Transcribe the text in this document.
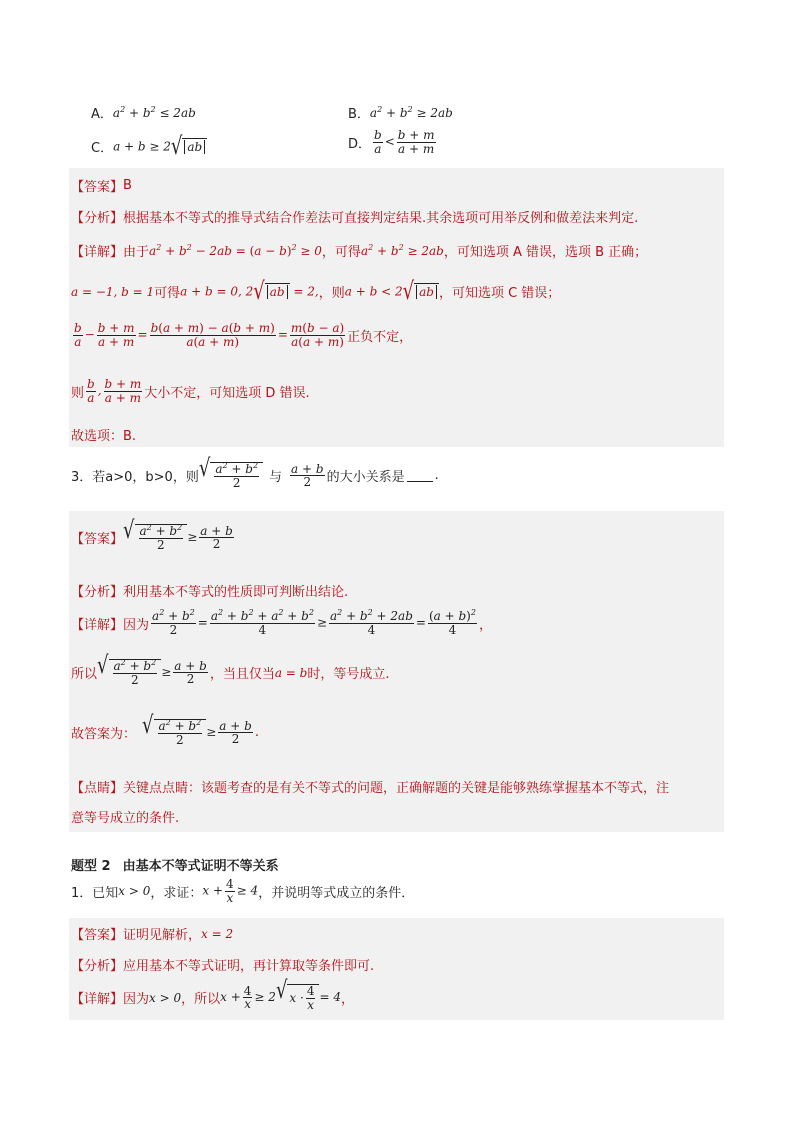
A． $a^2 + b^2 \le 2ab$	B． $a^2 + b^2 \ge 2ab$
C． a + b ≥ 2 √ ab	D． $\frac{b}{a} < \frac{b + m}{a + m}$
【答案】 B
【分析】 根据基本不等式的推导式结合作差法可直接判定结果.其余选项可用举反例和做差法来判定.
【详解】 由于 $a^2 + b^2 - 2ab = (a - b)^2 \ge 0$ ，可得 $a^2 + b^2 \ge 2ab$ ，可知选项 A 错误，选项 B 正确；
a = −1, b = 1 可得 a + b = 0, 2 √ ab = 2, ，则 a + b < 2 √ ab ，可知选项 C 错误；
$\frac{b}{a} - \frac{b + m}{a + m} = \frac{b(a + m) - a(b + m)}{a(a + m)} = \frac{m(b - a)}{a(a + m)}$ 正负不定，
则 $\frac{b}{a}$ , $\frac{b + m}{a + m}$ 大小不定，可知选项 D 错误.
故选项：B.
3．若 a>0，b>0，则 √ $\frac{a^2 + b^2}{2}$ 与 $\frac{a + b}{2}$ 的大小关系是 .
【答案】 √ $\frac{a^2 + b^2}{2} \ge \frac{a + b}{2}$
【分析】 利用基本不等式的性质即可判断出结论.
【详解】 因为 $\frac{a^2 + b^2}{2} = \frac{a^2 + b^2 + a^2 + b^2}{4} \ge \frac{a^2 + b^2 + 2ab}{4} = \frac{(a + b)^2}{4}$ ，
所以 √ $\frac{a^2 + b^2}{2} \ge \frac{a + b}{2}$ ，当且仅当 a = b 时，等号成立.
故答案为： √ $\frac{a^2 + b^2}{2} \ge \frac{a + b}{2}$ .
【点睛】 关键点点睛：该题考查的是有关不等式的问题，正确解题的关键是能够熟练掌握基本不等式，注
意等号成立的条件.
题型 2 由基本不等式证明不等关系
1．已知 x > 0 ，求证： $x + \frac{4}{x} \ge 4$ ，并说明等式成立的条件．
【答案】 证明见解析， x = 2
【分析】 应用基本不等式证明，再计算取等条件即可.
【详解】 因为 x > 0 ，所以 $x + \frac{4}{x} \ge 2$ √ $x \cdot \frac{4}{x} = 4$ ，
